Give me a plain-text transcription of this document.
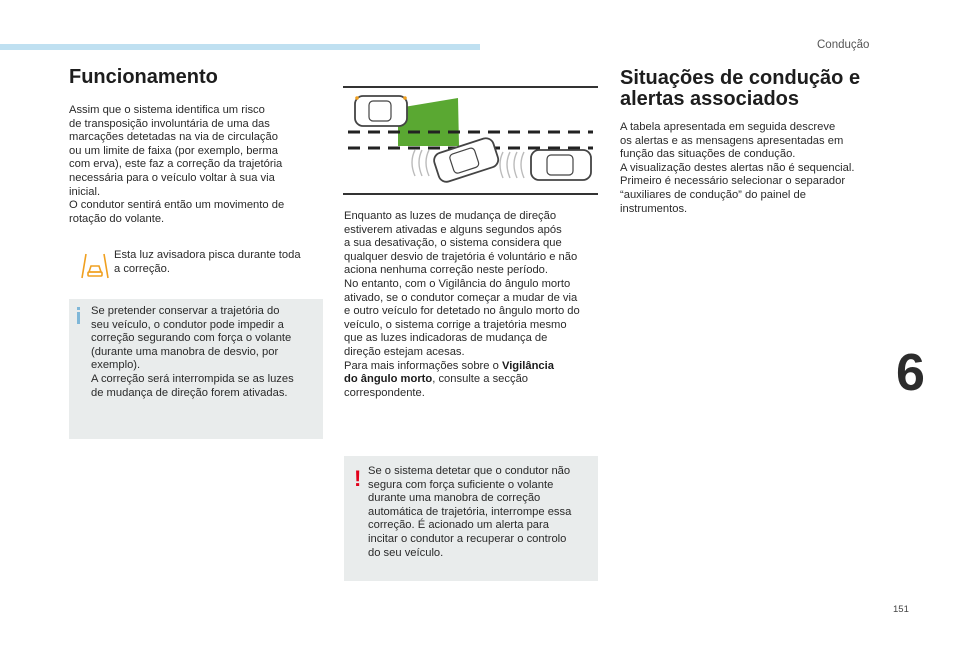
Condução
Funcionamento

Assim que o sistema identifica um risco

de transposição involuntária de uma das

marcações detetadas na via de circulação

ou um limite de faixa (por exemplo, berma

com erva), este faz a correção da trajetória

necessária para o veículo voltar à sua via

inicial.

O condutor sentirá então um movimento de

rotação do volante.

Esta luz avisadora pisca durante toda
a correção.

Se pretender conservar a trajetória do
seu veículo, o condutor pode impedir a
correção segurando com força o volante
(durante uma manobra de desvio, por
exemplo).
A correção será interrompida se as luzes
de mudança de direção forem ativadas.

Enquanto as luzes de mudança de direção

estiverem ativadas e alguns segundos após

a sua desativação, o sistema considera que

qualquer desvio de trajetória é voluntário e não

aciona nenhuma correção neste período.

No entanto, com o Vigilância do ângulo morto

ativado, se o condutor começar a mudar de via

e outro veículo for detetado no ângulo morto do

veículo, o sistema corrige a trajetória mesmo

que as luzes indicadoras de mudança de

direção estejam acesas.

Para mais informações sobre o Vigilância

do ângulo morto, consulte a secção

correspondente.

! Se o sistema detetar que o condutor não
segura com força suficiente o volante
durante uma manobra de correção
automática de trajetória, interrompe essa
correção. É acionado um alerta para
incitar o condutor a recuperar o controlo
do seu veículo.

Situações de condução e
alertas associados

A tabela apresentada em seguida descreve

os alertas e as mensagens apresentadas em

função das situações de condução.

A visualização destes alertas não é sequencial.

Primeiro é necessário selecionar o separador

“auxiliares de condução” do painel de

instrumentos.

6
151
